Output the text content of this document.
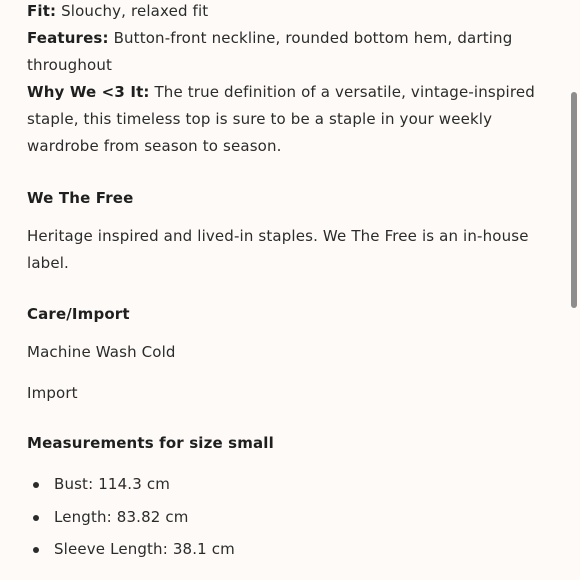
Fit: Slouchy, relaxed fit

Features: Button-front neckline, rounded bottom hem, darting throughout

Why We <3 It: The true definition of a versatile, vintage-inspired staple, this timeless top is sure to be a staple in your weekly wardrobe from season to season.

We The Free

Heritage inspired and lived-in staples. We The Free is an in-house label.

Care/Import

Machine Wash Cold

Import

Measurements for size small

Bust: 114.3 cm
Length: 83.82 cm
Sleeve Length: 38.1 cm
